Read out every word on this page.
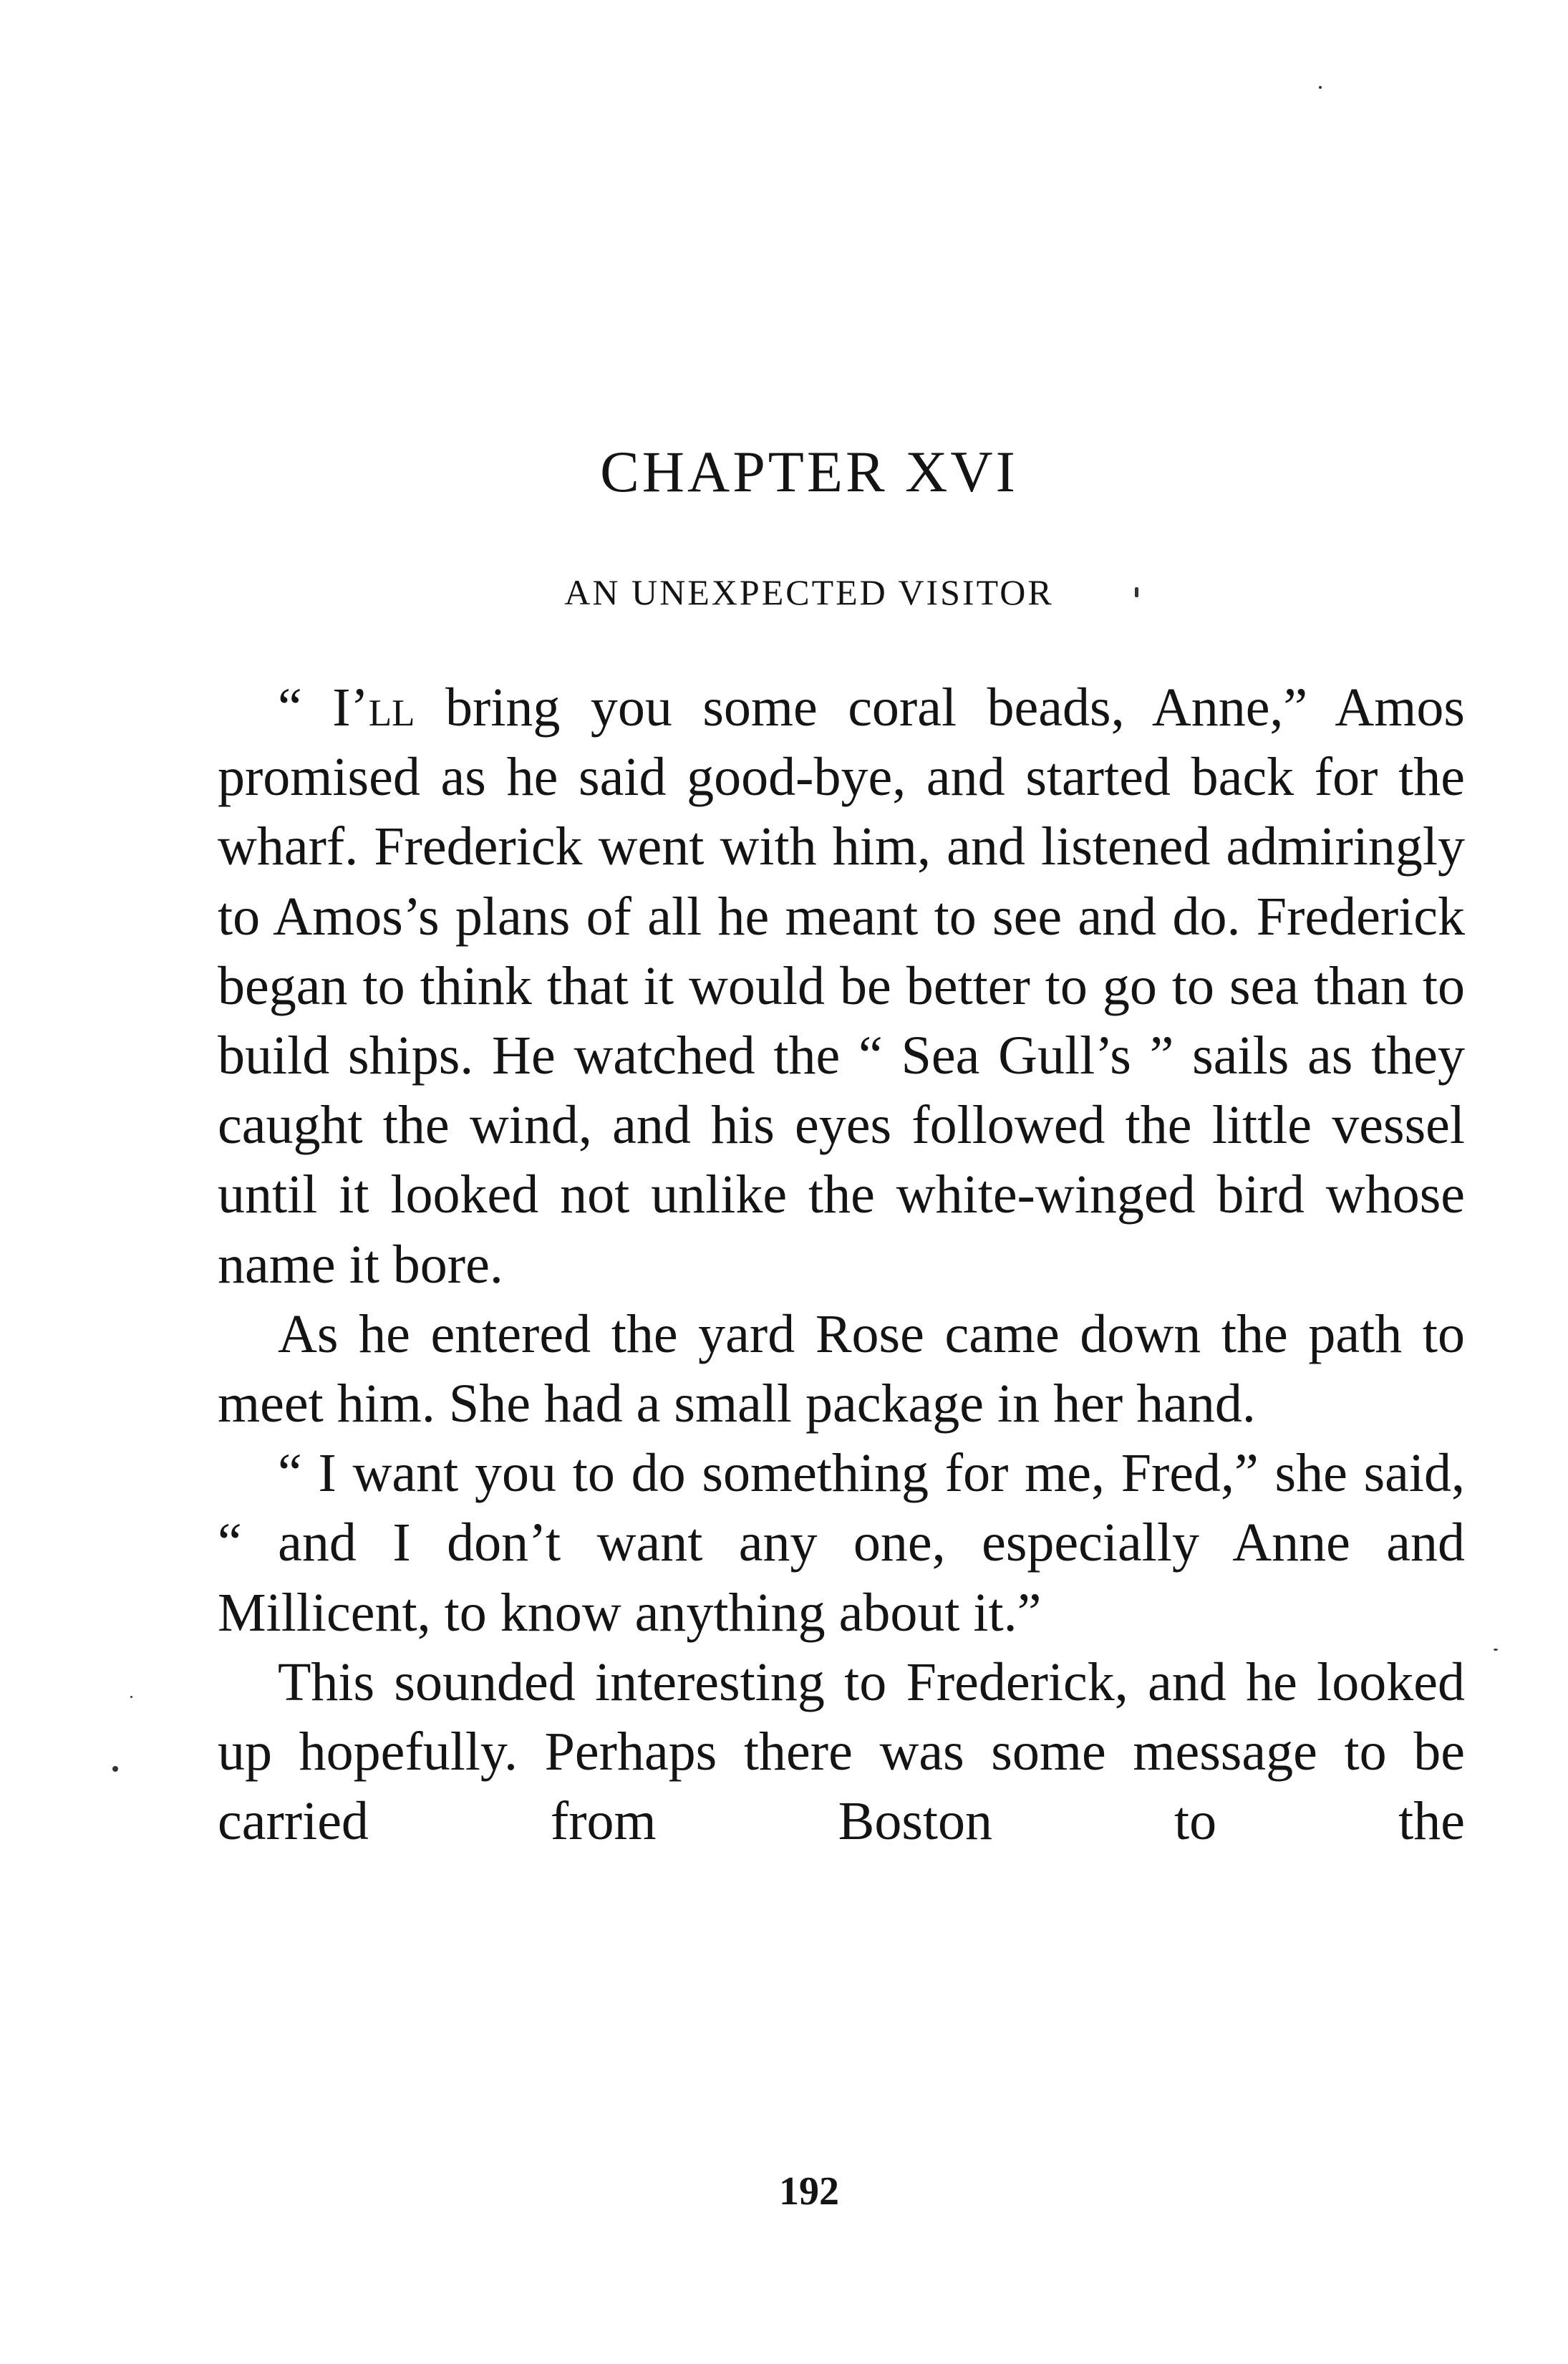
CHAPTER XVI
AN UNEXPECTED VISITOR

“ I’ll bring you some coral beads, Anne,” Amos promised as he said good-bye, and started back for the wharf. Frederick went with him, and listened admiringly to Amos’s plans of all he meant to see and do. Frederick began to think that it would be better to go to sea than to build ships. He watched the “ Sea Gull’s ” sails as they caught the wind, and his eyes followed the little vessel until it looked not unlike the white-winged bird whose name it bore.

As he entered the yard Rose came down the path to meet him. She had a small package in her hand.

“ I want you to do something for me, Fred,” she said, “ and I don’t want any one, especially Anne and Millicent, to know anything about it.”

This sounded interesting to Frederick, and he looked up hopefully. Perhaps there was some message to be carried from Boston to the

192
